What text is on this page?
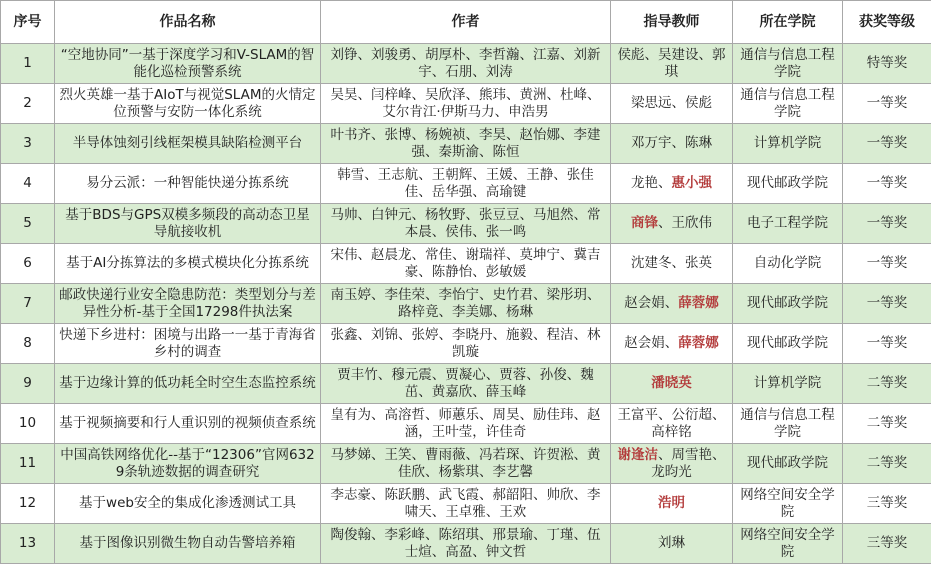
序号	作品名称	作者	指导教师	所在学院	获奖等级
1	“空地协同”一基于深度学习和V-SLAM的智能化巡检预警系统	刘铮、刘骏勇、胡厚朴、李哲瀚、江嘉、刘新宇、石朋、刘涛	侯彪、吴建设、郭琪	通信与信息工程学院	特等奖
2	烈火英雄一基于AIoT与视觉SLAM的火情定位预警与安防一体化系统	吴昊、闫梓峰、吴欣泽、熊玮、黄洲、杜峰、艾尔肯江·伊斯马力、申浩男	梁思远、侯彪	通信与信息工程学院	一等奖
3	半导体蚀刻引线框架模具缺陷检测平台	叶书齐、张博、杨婉祯、李昊、赵怡娜、李建强、秦斯渝、陈恒	邓万宇、陈琳	计算机学院	一等奖
4	易分云派：一种智能快递分拣系统	韩雪、王志航、王朝辉、王媛、王静、张佳佳、岳华强、高瑜键	龙艳、惠小强	现代邮政学院	一等奖
5	基于BDS与GPS双模多频段的高动态卫星导航接收机	马帅、白钟元、杨牧野、张豆豆、马旭然、常本晨、侯伟、张一鸣	商锋、王欣伟	电子工程学院	一等奖
6	基于AI分拣算法的多模式模块化分拣系统	宋伟、赵晨龙、常佳、谢瑞祥、莫坤宁、冀吉豪、陈静怡、彭敏媛	沈建冬、张英	自动化学院	一等奖
7	邮政快递行业安全隐患防范：类型划分与差异性分析-基于全国17298件执法案	南玉婷、李佳荣、李怡宁、史竹君、梁彤玥、路梓竟、李美娜、杨琳	赵会娟、薛蓉娜	现代邮政学院	一等奖
8	快递下乡进村：困境与出路一一基于青海省乡村的调查	张鑫、刘锦、张婷、李晓丹、施毅、程洁、林凯璇	赵会娟、薛蓉娜	现代邮政学院	一等奖
9	基于边缘计算的低功耗全时空生态监控系统	贾丰竹、穆元震、贾凝心、贾蓉、孙俊、魏茁、黄嘉欣、薛玉峰	潘晓英	计算机学院	二等奖
10	基于视频摘要和行人重识别的视频侦查系统	皇有为、高溶哲、师蕙乐、周昊、励佳玮、赵涵，王叶莹，许佳奇	王富平、公衍超、高梓铭	通信与信息工程学院	二等奖
11	中国高铁网络优化--基于“12306”官网6329条轨迹数据的调查研究	马梦娣、王笑、曹雨薇、冯若琛、许贺淞、黄佳欣、杨紫琪、李艺馨	谢逢洁、周雪艳、龙昀光	现代邮政学院	二等奖
12	基于web安全的集成化渗透测试工具	李志豪、陈跃鹏、武飞霞、郝韶阳、帅欣、李啸天、王卓雅、王欢	浩明	网络空间安全学院	三等奖
13	基于图像识别微生物自动告警培养箱	陶俊翰、李彩峰、陈绍琪、邢景瑜、丁瑾、伍士煊、高盈、钟文哲	刘琳	网络空间安全学院	三等奖
